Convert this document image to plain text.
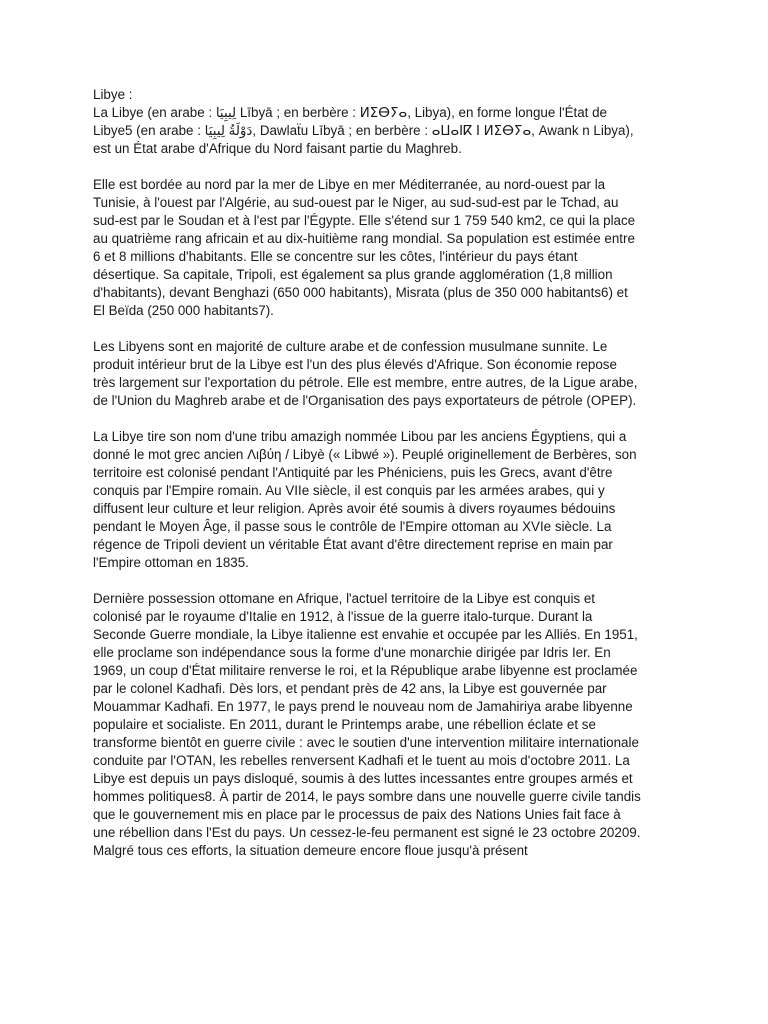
Libye :
La Libye (en arabe : لِيبِيَا Lībyā ; en berbère : ⵍⵉⴱⵢⴰ, Libya), en forme longue l'État de
Libye5 (en arabe : دَوْلَةُ لِيبِيَا, Dawlaẗu Lībyā ; en berbère : ⴰⵡⴰⵏⴽ ⵏ ⵍⵉⴱⵢⴰ, Awank n Libya),
est un État arabe d'Afrique du Nord faisant partie du Maghreb.
Elle est bordée au nord par la mer de Libye en mer Méditerranée, au nord-ouest par la
Tunisie, à l'ouest par l'Algérie, au sud-ouest par le Niger, au sud-sud-est par le Tchad, au
sud-est par le Soudan et à l'est par l'Égypte. Elle s'étend sur 1 759 540 km2, ce qui la place
au quatrième rang africain et au dix-huitième rang mondial. Sa population est estimée entre
6 et 8 millions d'habitants. Elle se concentre sur les côtes, l'intérieur du pays étant
désertique. Sa capitale, Tripoli, est également sa plus grande agglomération (1,8 million
d'habitants), devant Benghazi (650 000 habitants), Misrata (plus de 350 000 habitants6) et
El Beïda (250 000 habitants7).
Les Libyens sont en majorité de culture arabe et de confession musulmane sunnite. Le
produit intérieur brut de la Libye est l'un des plus élevés d'Afrique. Son économie repose
très largement sur l'exportation du pétrole. Elle est membre, entre autres, de la Ligue arabe,
de l'Union du Maghreb arabe et de l'Organisation des pays exportateurs de pétrole (OPEP).
La Libye tire son nom d'une tribu amazigh nommée Libou par les anciens Égyptiens, qui a
donné le mot grec ancien Λιβύη / Libyè (« Libwé »). Peuplé originellement de Berbères, son
territoire est colonisé pendant l'Antiquité par les Phéniciens, puis les Grecs, avant d'être
conquis par l'Empire romain. Au VIIe siècle, il est conquis par les armées arabes, qui y
diffusent leur culture et leur religion. Après avoir été soumis à divers royaumes bédouins
pendant le Moyen Âge, il passe sous le contrôle de l'Empire ottoman au XVIe siècle. La
régence de Tripoli devient un véritable État avant d'être directement reprise en main par
l'Empire ottoman en 1835.
Dernière possession ottomane en Afrique, l'actuel territoire de la Libye est conquis et
colonisé par le royaume d'Italie en 1912, à l'issue de la guerre italo-turque. Durant la
Seconde Guerre mondiale, la Libye italienne est envahie et occupée par les Alliés. En 1951,
elle proclame son indépendance sous la forme d'une monarchie dirigée par Idris Ier. En
1969, un coup d'État militaire renverse le roi, et la République arabe libyenne est proclamée
par le colonel Kadhafi. Dès lors, et pendant près de 42 ans, la Libye est gouvernée par
Mouammar Kadhafi. En 1977, le pays prend le nouveau nom de Jamahiriya arabe libyenne
populaire et socialiste. En 2011, durant le Printemps arabe, une rébellion éclate et se
transforme bientôt en guerre civile : avec le soutien d'une intervention militaire internationale
conduite par l'OTAN, les rebelles renversent Kadhafi et le tuent au mois d'octobre 2011. La
Libye est depuis un pays disloqué, soumis à des luttes incessantes entre groupes armés et
hommes politiques8. À partir de 2014, le pays sombre dans une nouvelle guerre civile tandis
que le gouvernement mis en place par le processus de paix des Nations Unies fait face à
une rébellion dans l'Est du pays. Un cessez-le-feu permanent est signé le 23 octobre 20209.
Malgré tous ces efforts, la situation demeure encore floue jusqu'à présent
